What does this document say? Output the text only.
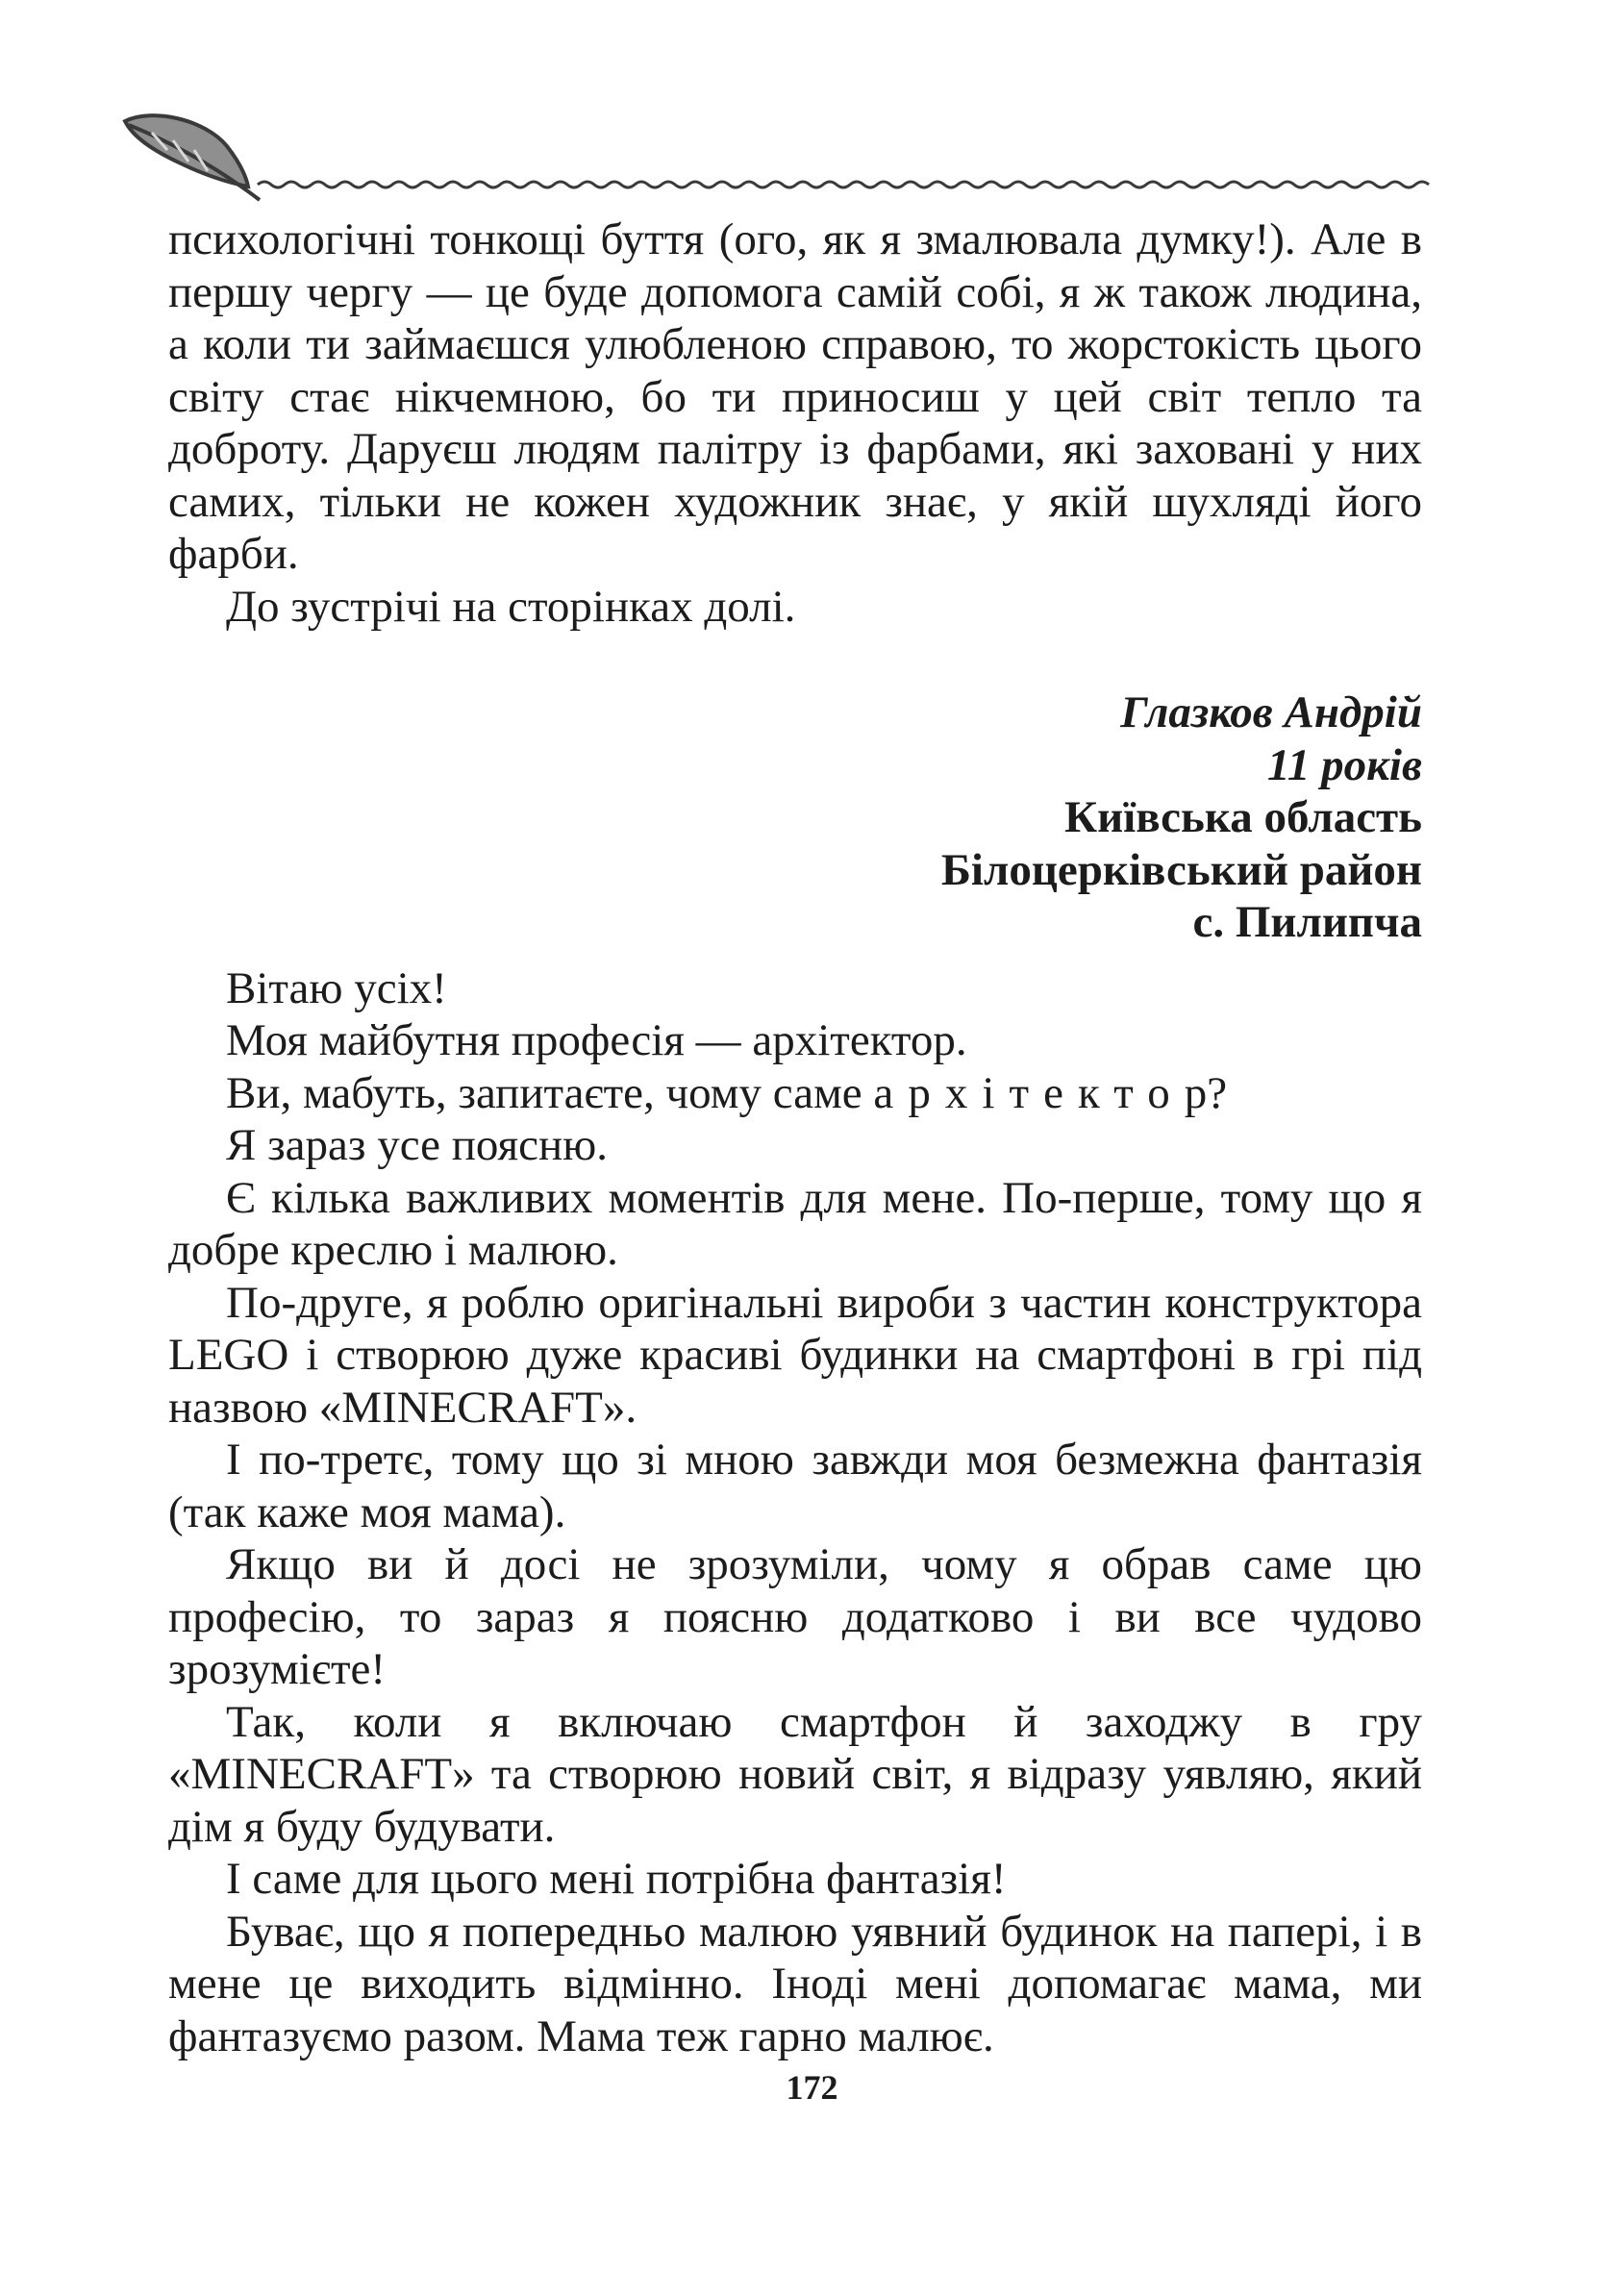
психологічні тонкощі буття (ого, як я змалювала думку!). Але в першу чергу — це буде допомога самій собі, я ж також людина, а коли ти займаєшся улюбленою справою, то жорстокість цього світу стає нікчемною, бо ти приносиш у цей світ тепло та доброту. Даруєш людям палітру із фарбами, які заховані у них самих, тільки не кожен художник знає, у якій шухляді його фарби.

До зустрічі на сторінках долі.

Глазков Андрій
11 років
Київська область
Білоцерківський район
с. Пилипча

Вітаю усіх!

Моя майбутня професія — архітектор.

Ви, мабуть, запитаєте, чому саме архітектор?

Я зараз усе поясню.

Є кілька важливих моментів для мене. По-перше, тому що я добре креслю і малюю.

По-друге, я роблю оригінальні вироби з частин конструктора LEGO і створюю дуже красиві будинки на смартфоні в грі під назвою «MINECRAFT».

І по-третє, тому що зі мною завжди моя безмежна фантазія (так каже моя мама).

Якщо ви й досі не зрозуміли, чому я обрав саме цю професію, то зараз я поясню додатково і ви все чудово зрозумієте!

Так, коли я включаю смартфон й заходжу в гру «MINECRAFT» та створюю новий світ, я відразу уявляю, який дім я буду будувати.

І саме для цього мені потрібна фантазія!

Буває, що я попередньо малюю уявний будинок на папері, і в мене це виходить відмінно. Іноді мені допомагає мама, ми фантазуємо разом. Мама теж гарно малює.

172
